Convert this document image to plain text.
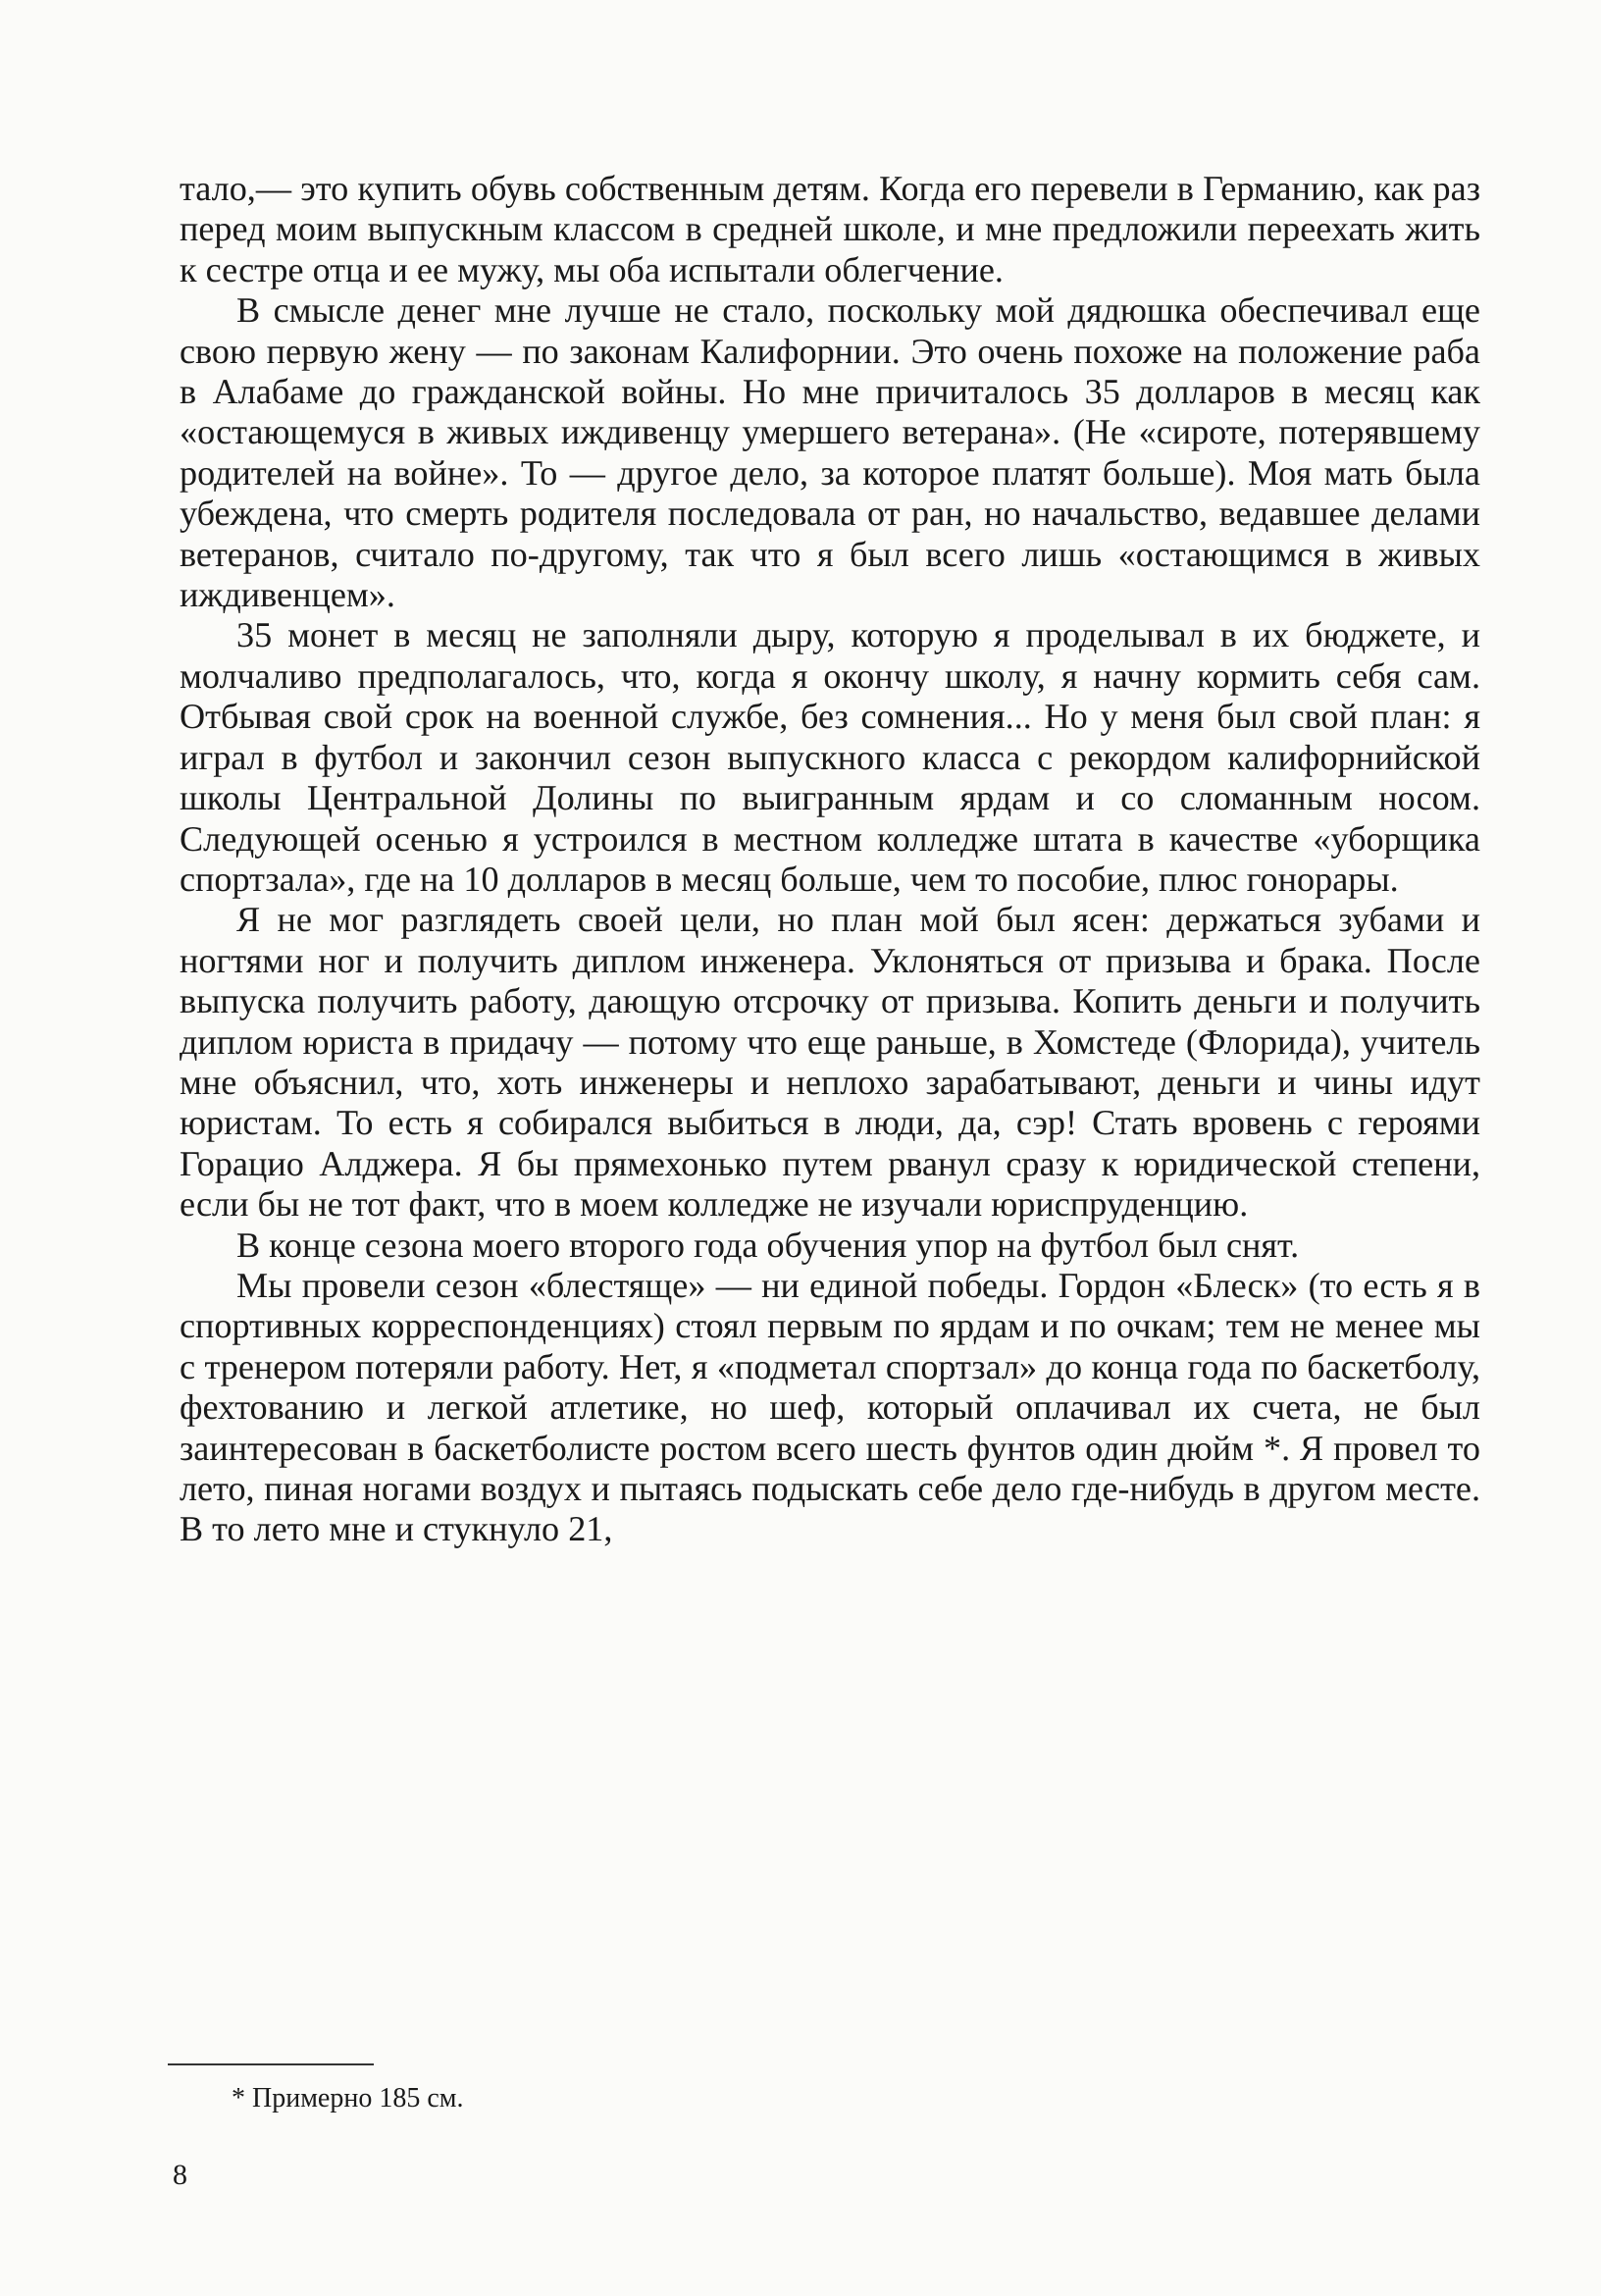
тало,— это купить обувь собственным детям. Когда его перевели в Германию, как раз перед моим выпускным классом в средней школе, и мне предложили переехать жить к сестре отца и ее мужу, мы оба испытали облегчение.

В смысле денег мне лучше не стало, поскольку мой дядюшка обеспечивал еще свою первую жену — по законам Калифорнии. Это очень похоже на положение раба в Алабаме до гражданской войны. Но мне причиталось 35 долларов в месяц как «остающемуся в живых иждивенцу умершего ветерана». (Не «сироте, потерявшему родителей на войне». То — другое дело, за которое платят больше). Моя мать была убеждена, что смерть родителя последовала от ран, но начальство, ведавшее делами ветеранов, считало по-другому, так что я был всего лишь «остающимся в живых иждивенцем».

35 монет в месяц не заполняли дыру, которую я проделывал в их бюджете, и молчаливо предполагалось, что, когда я окончу школу, я начну кормить себя сам. Отбывая свой срок на военной службе, без сомнения... Но у меня был свой план: я играл в футбол и закончил сезон выпускного класса с рекордом калифорнийской школы Центральной Долины по выигранным ярдам и со сломанным носом. Следующей осенью я устроился в местном колледже штата в качестве «уборщика спортзала», где на 10 долларов в месяц больше, чем то пособие, плюс гонорары.

Я не мог разглядеть своей цели, но план мой был ясен: держаться зубами и ногтями ног и получить диплом инженера. Уклоняться от призыва и брака. После выпуска получить работу, дающую отсрочку от призыва. Копить деньги и получить диплом юриста в придачу — потому что еще раньше, в Хомстеде (Флорида), учитель мне объяснил, что, хоть инженеры и неплохо зарабатывают, деньги и чины идут юристам. То есть я собирался выбиться в люди, да, сэр! Стать вровень с героями Горацио Алджера. Я бы прямехонько путем рванул сразу к юридической степени, если бы не тот факт, что в моем колледже не изучали юриспруденцию.

В конце сезона моего второго года обучения упор на футбол был снят.

Мы провели сезон «блестяще» — ни единой победы. Гордон «Блеск» (то есть я в спортивных корреспонденциях) стоял первым по ярдам и по очкам; тем не менее мы с тренером потеряли работу. Нет, я «подметал спортзал» до конца года по баскетболу, фехтованию и легкой атлетике, но шеф, который оплачивал их счета, не был заинтересован в баскетболисте ростом всего шесть фунтов один дюйм *. Я провел то лето, пиная ногами воздух и пытаясь подыскать себе дело где-нибудь в другом месте. В то лето мне и стукнуло 21,

* Примерно 185 см.
8
